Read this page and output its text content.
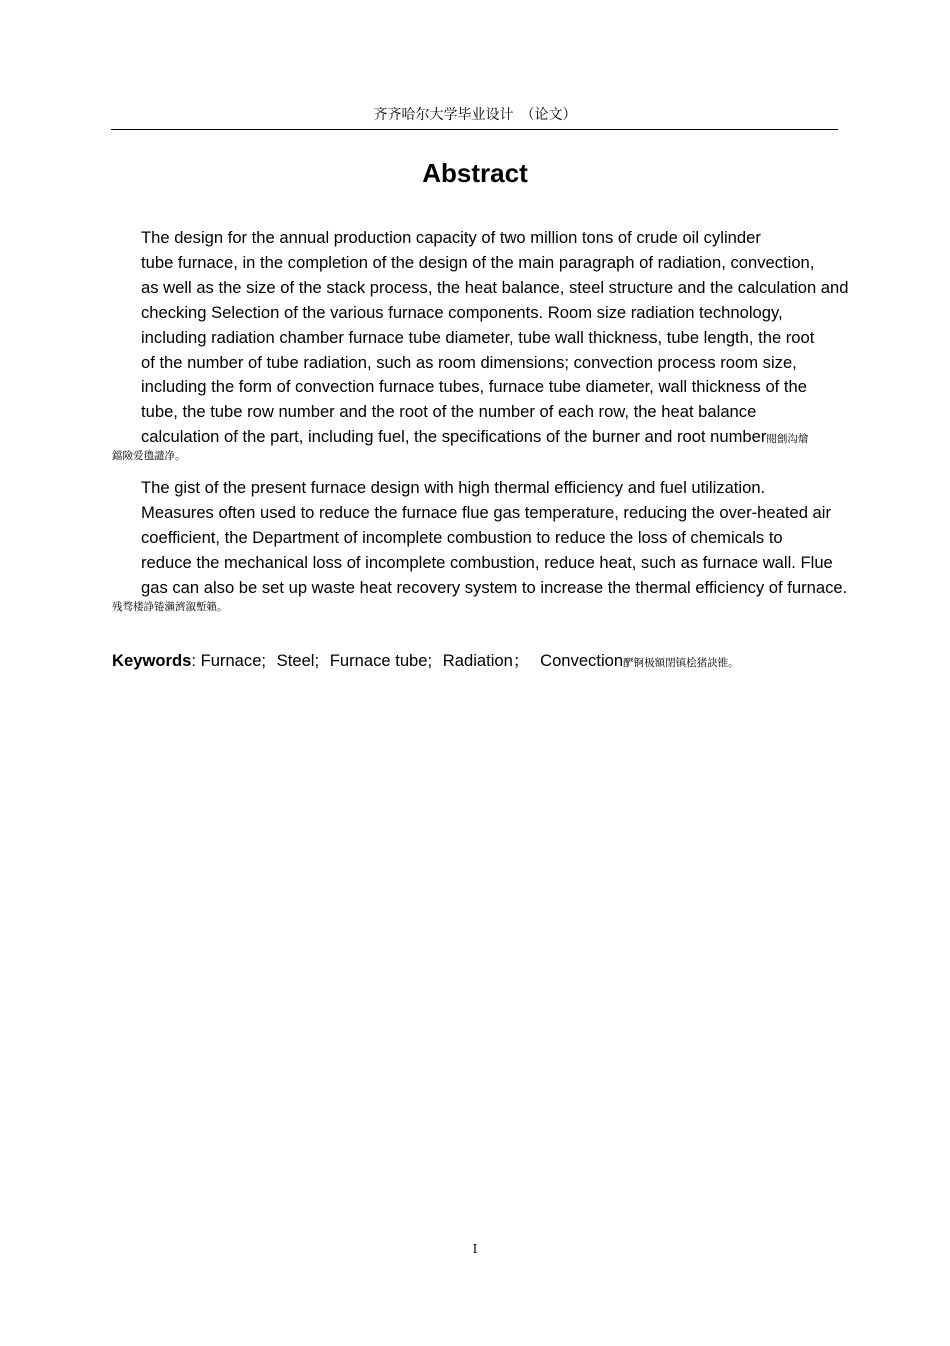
齐齐哈尔大学毕业设计　（论文）
Abstract
The design for the annual production capacity of two million tons of crude oil cylinder
tube furnace, in the completion of the design of the main paragraph of radiation, convection,
as well as the size of the stack process, the heat balance, steel structure and the calculation and
checking Selection of the various furnace components. Room size radiation technology,
including radiation chamber furnace tube diameter, tube wall thickness, tube length, the root
of the number of tube radiation, such as room dimensions; convection process room size,
including the form of convection furnace tubes, furnace tube diameter, wall thickness of the
tube, the tube row number and the root of the number of each row, the heat balance
calculation of the part, including fuel, the specifications of the burner and root number閱劊沟燴
鐺險爱氇譴净。
The gist of the present furnace design with high thermal efficiency and fuel utilization.
Measures often used to reduce the furnace flue gas temperature, reducing the over-heated air
coefficient, the Department of incomplete combustion to reduce the loss of chemicals to
reduce the mechanical loss of incomplete combustion, reduce heat, such as furnace wall. Flue
gas can also be set up waste heat recovery system to increase the thermal efficiency of furnace.
残骛楼諍锩瀨濟溆塹籟。
Keywords: Furnace; Steel; Furnace tube; Radiation； Convection酽锕极額閉镇桧猪訣锥。
I
